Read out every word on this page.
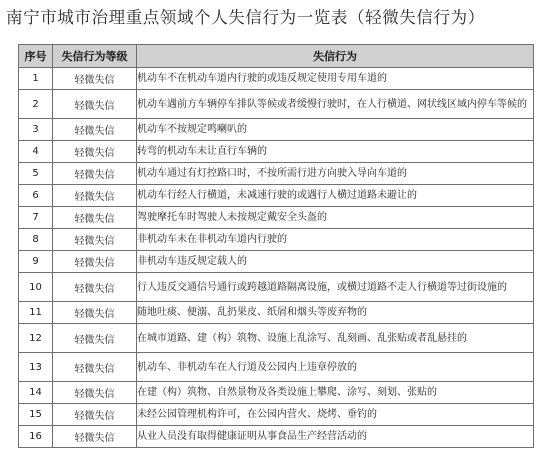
南宁市城市治理重点领域个人失信行为一览表（轻微失信行为）
序号	失信行为等级	失信行为
1	轻微失信	机动车不在机动车道内行驶的或违反规定使用专用车道的
2	轻微失信	机动车遇前方车辆停车排队等候或者缓慢行驶时，在人行横道、网状线区域内停车等候的
3	轻微失信	机动车不按规定鸣喇叭的
4	轻微失信	转弯的机动车未让直行车辆的
5	轻微失信	机动车通过有灯控路口时，不按所需行进方向驶入导向车道的
6	轻微失信	机动车行经人行横道，未减速行驶的或遇行人横过道路未避让的
7	轻微失信	驾驶摩托车时驾驶人未按规定戴安全头盔的
8	轻微失信	非机动车未在非机动车道内行驶的
9	轻微失信	非机动车违反规定载人的
10	轻微失信	行人违反交通信号通行或跨越道路隔离设施，或横过道路不走人行横道等过街设施的
11	轻微失信	随地吐痰、便溺、乱扔果皮、纸屑和烟头等废弃物的
12	轻微失信	在城市道路、建（构）筑物、设施上乱涂写、乱刻画、乱张贴或者乱悬挂的
13	轻微失信	机动车、非机动车在人行道及公园内上违章停放的
14	轻微失信	在建（构）筑物、自然景物及各类设施上攀爬、涂写、刻划、张贴的
15	轻微失信	未经公园管理机构许可，在公园内营火、烧烤、垂钓的
16	轻微失信	从业人员没有取得健康证明从事食品生产经营活动的
